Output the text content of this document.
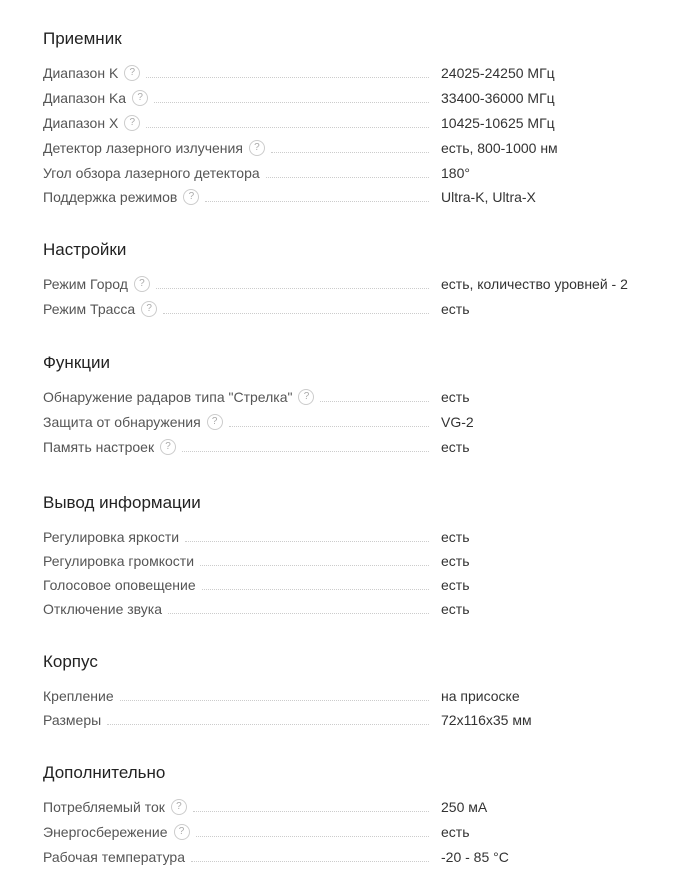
Приемник
Диапазон K	?	24025-24250 МГц
Диапазон Ka	?	33400-36000 МГц
Диапазон X	?	10425-10625 МГц
Детектор лазерного излучения	?	есть, 800-1000 нм
Угол обзора лазерного детектора	180°
Поддержка режимов	?	Ultra-K, Ultra-X
Настройки
Режим Город	?	есть, количество уровней - 2
Режим Трасса	?	есть
Функции
Обнаружение радаров типа "Стрелка"	?	есть
Защита от обнаружения	?	VG-2
Память настроек	?	есть
Вывод информации
Регулировка яркости	есть
Регулировка громкости	есть
Голосовое оповещение	есть
Отключение звука	есть
Корпус
Крепление	на присоске
Размеры	72x116x35 мм
Дополнительно
Потребляемый ток	?	250 мА
Энергосбережение	?	есть
Рабочая температура	-20 - 85 °C
